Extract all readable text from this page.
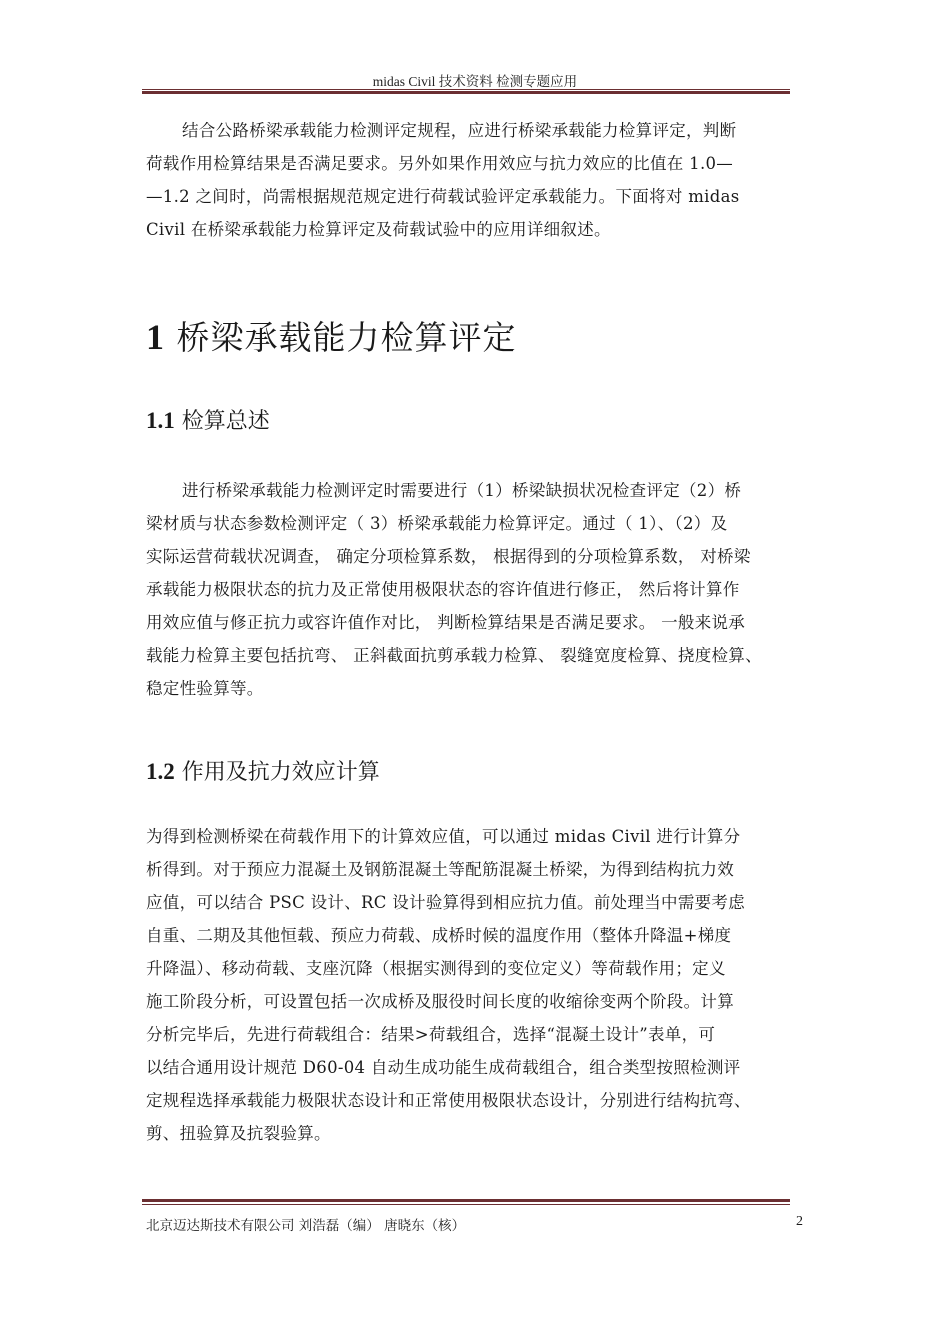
midas Civil 技术资料 检测专题应用

结合公路桥梁承载能力检测评定规程，应进行桥梁承载能力检算评定，判断
荷载作用检算结果是否满足要求。另外如果作用效应与抗力效应的比值在 1.0—
—1.2 之间时，尚需根据规范规定进行荷载试验评定承载能力。下面将对 midas
Civil 在桥梁承载能力检算评定及荷载试验中的应用详细叙述。

1 桥梁承载能力检算评定
1.1 检算总述

进行桥梁承载能力检测评定时需要进行（1）桥梁缺损状况检查评定（2）桥
梁材质与状态参数检测评定（ 3）桥梁承载能力检算评定。通过（ 1）、（2）及
实际运营荷载状况调查， 确定分项检算系数， 根据得到的分项检算系数， 对桥梁
承载能力极限状态的抗力及正常使用极限状态的容许值进行修正， 然后将计算作
用效应值与修正抗力或容许值作对比， 判断检算结果是否满足要求。 一般来说承
载能力检算主要包括抗弯、 正斜截面抗剪承载力检算、 裂缝宽度检算、挠度检算、
稳定性验算等。

1.2 作用及抗力效应计算

为得到检测桥梁在荷载作用下的计算效应值，可以通过 midas Civil 进行计算分
析得到。对于预应力混凝土及钢筋混凝土等配筋混凝土桥梁，为得到结构抗力效
应值，可以结合 PSC 设计、RC 设计验算得到相应抗力值。前处理当中需要考虑
自重、二期及其他恒载、预应力荷载、成桥时候的温度作用（整体升降温+梯度
升降温）、移动荷载、支座沉降（根据实测得到的变位定义）等荷载作用；定义
施工阶段分析，可设置包括一次成桥及服役时间长度的收缩徐变两个阶段。计算
分析完毕后，先进行荷载组合：结果>荷载组合，选择“混凝土设计”表单，可
以结合通用设计规范 D60-04 自动生成功能生成荷载组合，组合类型按照检测评
定规程选择承载能力极限状态设计和正常使用极限状态设计，分别进行结构抗弯、
剪、扭验算及抗裂验算。

北京迈达斯技术有限公司 刘浩磊（编） 唐晓东（核）	2
